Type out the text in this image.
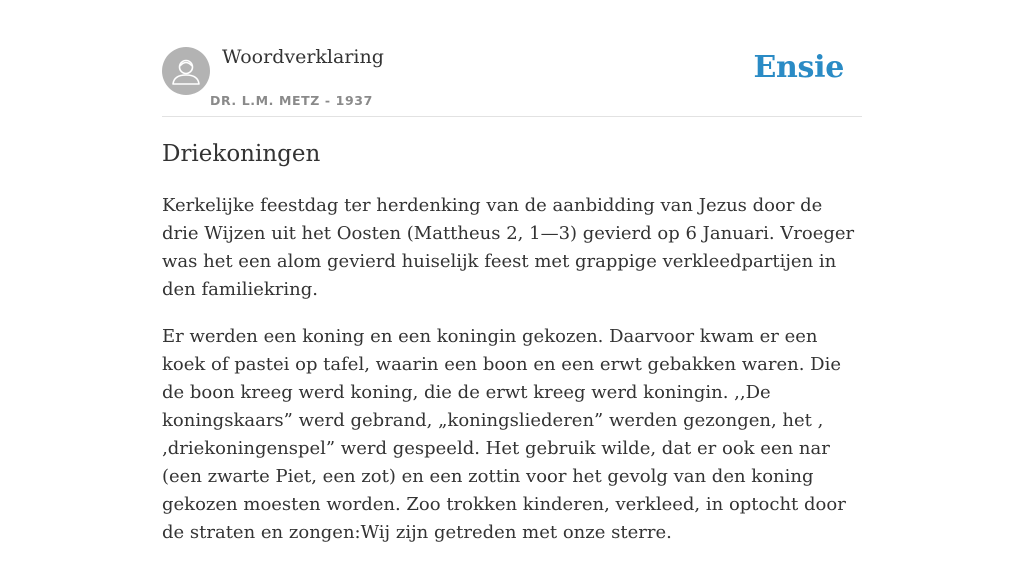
Woordverklaring
DR. L.M. METZ - 1937
Ensie
Driekoningen

Kerkelijke feestdag ter herdenking van de aanbidding van Jezus door de drie Wijzen uit het Oosten (Mattheus 2, 1—3) gevierd op 6 Januari. Vroeger was het een alom gevierd huiselijk feest met grappige verkleedpartijen in den familiekring.

Er werden een koning en een koningin gekozen. Daarvoor kwam er een koek of pastei op tafel, waarin een boon en een erwt gebakken waren. Die de boon kreeg werd koning, die de erwt kreeg werd koningin. ,,De koningskaars” werd gebrand, „koningsliederen” werden gezongen, het , ‚driekoningenspel” werd gespeeld. Het gebruik wilde, dat er ook een nar (een zwarte Piet, een zot) en een zottin voor het gevolg van den koning gekozen moesten worden. Zoo trokken kinderen, verkleed, in optocht door de straten en zongen:Wij zijn getreden met onze sterre.
